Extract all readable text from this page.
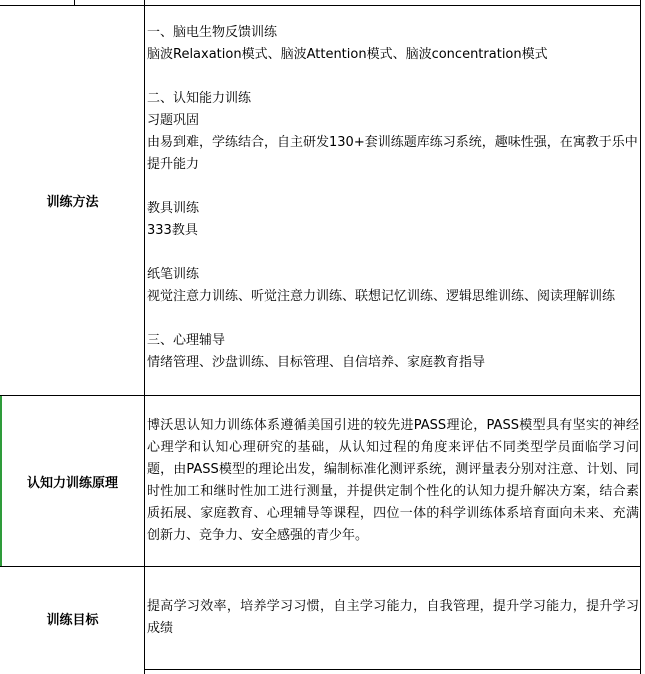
训练方法
一、脑电生物反馈训练
脑波Relaxation模式、脑波Attention模式、脑波concentration模式
二、认知能力训练
习题巩固
由易到难，学练结合，自主研发130+套训练题库练习系统，趣味性强，在寓教于乐中
提升能力
教具训练
333教具
纸笔训练
视觉注意力训练、听觉注意力训练、联想记忆训练、逻辑思维训练、阅读理解训练
三、心理辅导
情绪管理、沙盘训练、目标管理、自信培养、家庭教育指导
认知力训练原理
博沃思认知力训练体系遵循美国引进的较先进PASS理论，PASS模型具有坚实的神经心理学和认知心理研究的基础，从认知过程的角度来评估不同类型学员面临学习问题，由PASS模型的理论出发，编制标准化测评系统，测评量表分别对注意、计划、同时性加工和继时性加工进行测量，并提供定制个性化的认知力提升解决方案，结合素质拓展、家庭教育、心理辅导等课程，四位一体的科学训练体系培育面向未来、充满创新力、竞争力、安全感强的青少年。
训练目标
提高学习效率，培养学习习惯，自主学习能力，自我管理，提升学习能力，提升学习成绩
